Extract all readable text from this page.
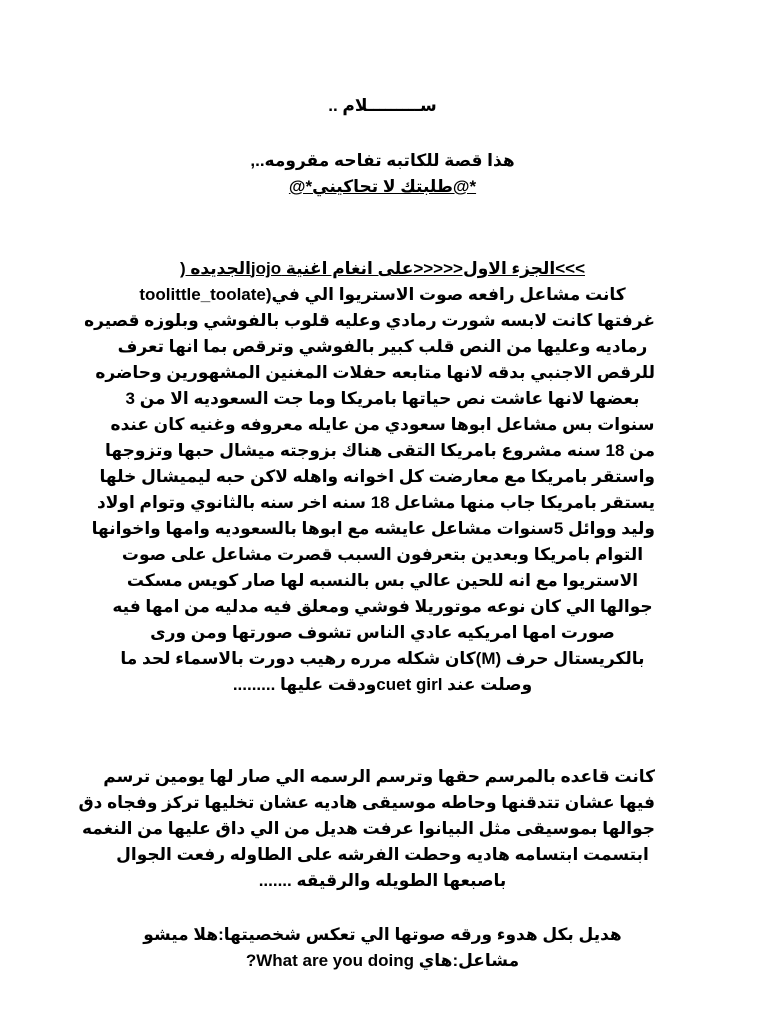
ســـــــــلام ..
هذا قصة للكاتبه تفاحه مقرومه..,
*@طلبتك لا تحاكيني*@
>>>الجزء الاول<<<<<على انغام اغنية jojoالجديده (
toolittle_toolate)كانت مشاعل رافعه صوت الاستريوا الي في
غرفتها كانت لابسه شورت رمادي وعليه قلوب بالفوشي وبلوزه قصيره
رماديه وعليها من النص قلب كبير بالفوشي وترقص بما انها تعرف
للرقص الاجنبي بدقه لانها متابعه حفلات المغنين المشهورين وحاضره
بعضها لانها عاشت نص حياتها بامريكا وما جت السعوديه الا من 3
سنوات بس مشاعل ابوها سعودي من عايله معروفه وغنيه كان عنده
من 18 سنه مشروع بامريكا التقى هناك بزوجته ميشال حبها وتزوجها
واستقر بامريكا مع معارضت كل اخوانه واهله لاكن حبه ليميشال خلها
يستقر بامريكا جاب منها مشاعل 18 سنه اخر سنه بالثانوي وتوام اولاد
وليد ووائل 5سنوات مشاعل عايشه مع ابوها بالسعوديه وامها واخوانها
التوام بامريكا وبعدين بتعرفون السبب قصرت مشاعل على صوت
الاستريوا مع انه للحين عالي بس بالنسبه لها صار كويس مسكت
جوالها الي كان نوعه موتوريلا فوشي ومعلق فيه مدليه من امها فيه
صورت امها امريكيه عادي الناس تشوف صورتها ومن ورى
بالكريستال حرف (M)كان شكله مرره رهيب دورت بالاسماء لحد ما
وصلت عند cuet girlودقت عليها .........
كانت قاعده بالمرسم حقها وترسم الرسمه الي صار لها يومين ترسم
فيها عشان تتدقنها وحاطه موسيقى هاديه عشان تخليها تركز وفجاه دق
جوالها بموسيقى مثل البيانوا عرفت هديل من الي داق عليها من النغمه
ابتسمت ابتسامه هاديه وحطت الفرشه على الطاوله رفعت الجوال
باصبعها الطويله والرقيقه .......
هديل بكل هدوء ورقه صوتها الي تعكس شخصيتها:هلا ميشو
مشاعل:هاي What are you doing?
